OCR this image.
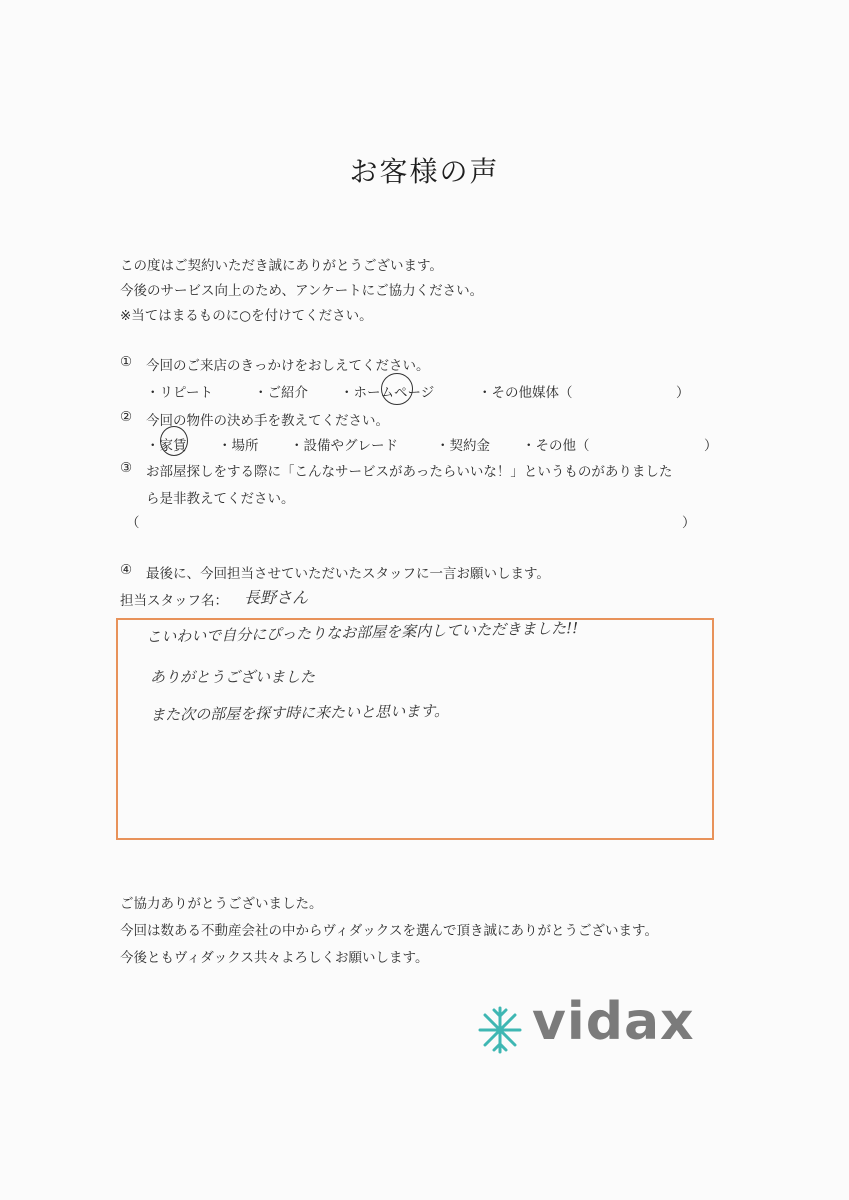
お客様の声
この度はご契約いただき誠にありがとうございます。
今後のサービス向上のため、アンケートにご協力ください。
※当てはまるものに○を付けてください。
① 今回のご来店のきっかけをおしえてください。
・リピート	・ご紹介 ・ホームページ	・その他媒体（	）
② 今回の物件の決め手を教えてください。
・家賃 ・場所 ・設備やグレード	・契約金 ・その他（	）
③ お部屋探しをする際に「こんなサービスがあったらいいな！」というものがありました
ら是非教えてください。
（	）
④ 最後に、今回担当させていただいたスタッフに一言お願いします。
担当スタッフ名： 長野さん
こいわいで自分にぴったりなお部屋を案内していただきました!!
ありがとうございました
また次の部屋を探す時に来たいと思います。
ご協力ありがとうございました。
今回は数ある不動産会社の中からヴィダックスを選んで頂き誠にありがとうございます。
今後ともヴィダックス共々よろしくお願いします。
vidax
